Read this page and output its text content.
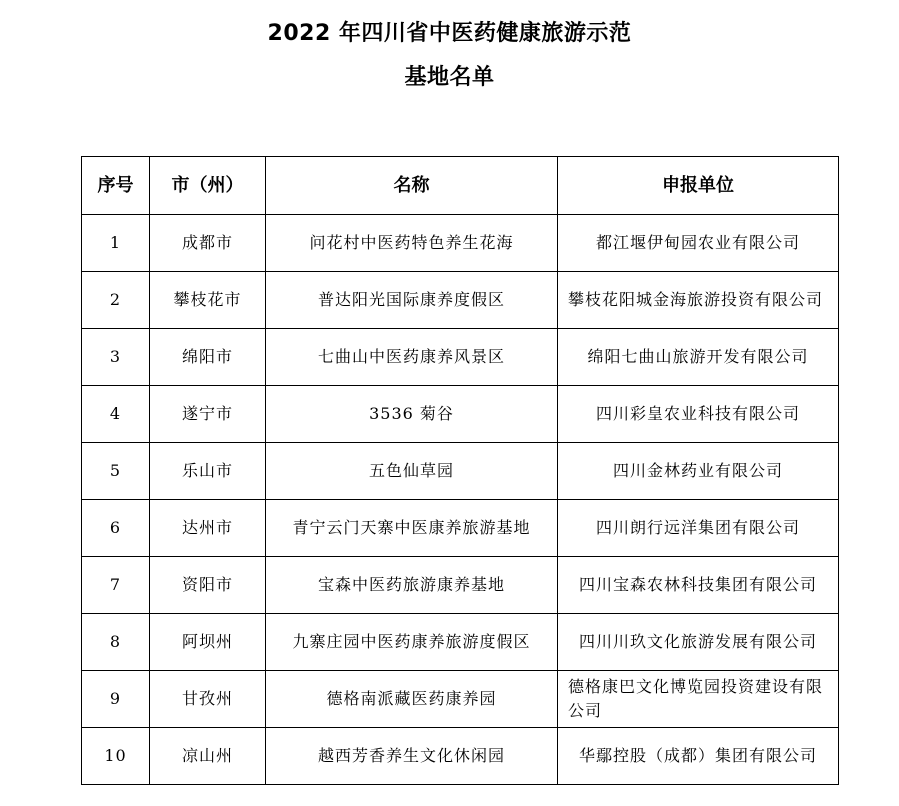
2022 年四川省中医药健康旅游示范
基地名单
序号	市（州）	名称	申报单位
1	成都市	问花村中医药特色养生花海	都江堰伊甸园农业有限公司
2	攀枝花市	普达阳光国际康养度假区	攀枝花阳城金海旅游投资有限公司
3	绵阳市	七曲山中医药康养风景区	绵阳七曲山旅游开发有限公司
4	遂宁市	3536 菊谷	四川彩皇农业科技有限公司
5	乐山市	五色仙草园	四川金林药业有限公司
6	达州市	青宁云门天寨中医康养旅游基地	四川朗行远洋集团有限公司
7	资阳市	宝森中医药旅游康养基地	四川宝森农林科技集团有限公司
8	阿坝州	九寨庄园中医药康养旅游度假区	四川川玖文化旅游发展有限公司
9	甘孜州	德格南派藏医药康养园	德格康巴文化博览园投资建设有限公司
10	凉山州	越西芳香养生文化休闲园	华鄢控股（成都）集团有限公司
